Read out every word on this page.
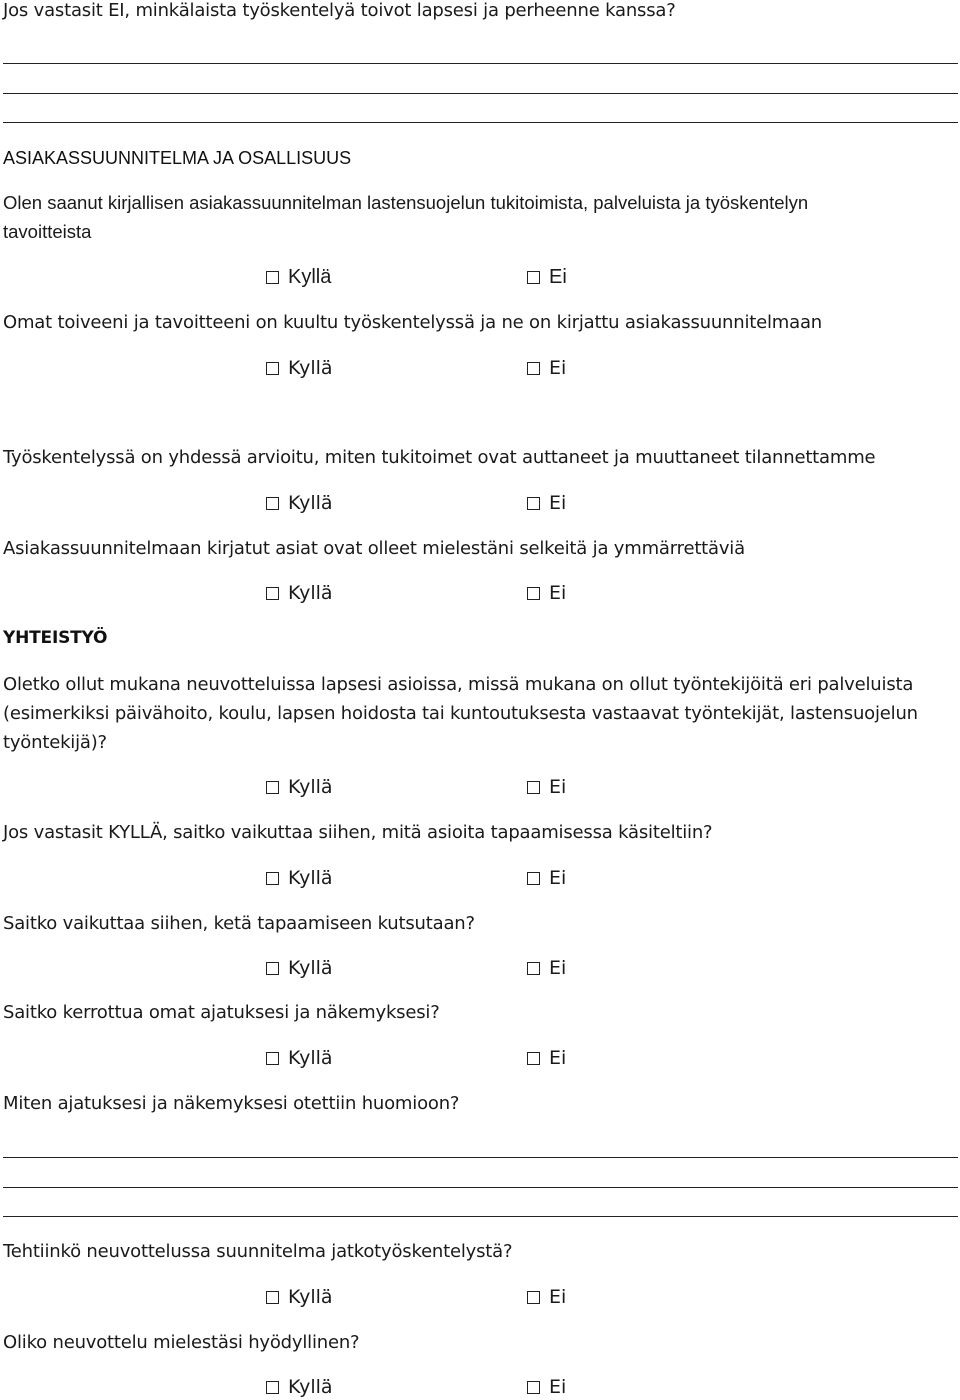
Jos vastasit EI, minkälaista työskentelyä toivot lapsesi ja perheenne kanssa?
ASIAKASSUUNNITELMA JA OSALLISUUS
Olen saanut kirjallisen asiakassuunnitelman lastensuojelun tukitoimista, palveluista ja työskentelyn
tavoitteista
Kyllä	Ei
Omat toiveeni ja tavoitteeni on kuultu työskentelyssä ja ne on kirjattu asiakassuunnitelmaan
Kyllä	Ei
Työskentelyssä on yhdessä arvioitu, miten tukitoimet ovat auttaneet ja muuttaneet tilannettamme
Kyllä	Ei
Asiakassuunnitelmaan kirjatut asiat ovat olleet mielestäni selkeitä ja ymmärrettäviä
Kyllä	Ei
YHTEISTYÖ
Oletko ollut mukana neuvotteluissa lapsesi asioissa, missä mukana on ollut työntekijöitä eri palveluista
(esimerkiksi päivähoito, koulu, lapsen hoidosta tai kuntoutuksesta vastaavat työntekijät, lastensuojelun
työntekijä)?
Kyllä	Ei
Jos vastasit KYLLÄ, saitko vaikuttaa siihen, mitä asioita tapaamisessa käsiteltiin?
Kyllä	Ei
Saitko vaikuttaa siihen, ketä tapaamiseen kutsutaan?
Kyllä	Ei
Saitko kerrottua omat ajatuksesi ja näkemyksesi?
Kyllä	Ei
Miten ajatuksesi ja näkemyksesi otettiin huomioon?
Tehtiinkö neuvottelussa suunnitelma jatkotyöskentelystä?
Kyllä	Ei
Oliko neuvottelu mielestäsi hyödyllinen?
Kyllä	Ei
